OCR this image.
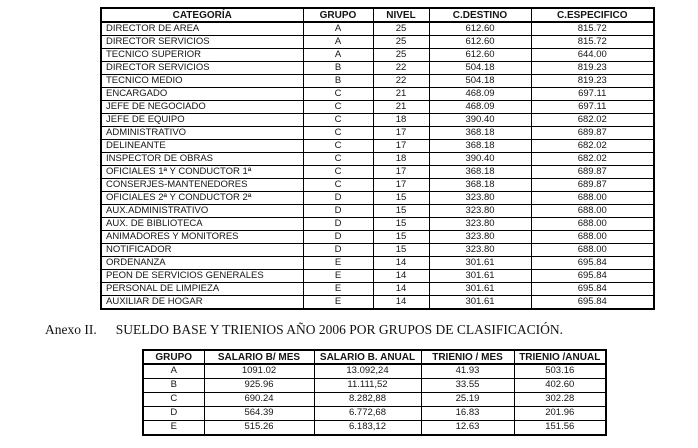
CATEGORÍA	GRUPO	NIVEL	C.DESTINO	C.ESPECIFICO
DIRECTOR DE AREA	A	25	612.60	815.72
DIRECTOR SERVICIOS	A	25	612.60	815.72
TECNICO SUPERIOR	A	25	612.60	644.00
DIRECTOR SERVICIOS	B	22	504.18	819.23
TECNICO MEDIO	B	22	504.18	819.23
ENCARGADO	C	21	468.09	697.11
JEFE DE NEGOCIADO	C	21	468.09	697.11
JEFE DE EQUIPO	C	18	390.40	682.02
ADMINISTRATIVO	C	17	368.18	689.87
DELINEANTE	C	17	368.18	682.02
INSPECTOR DE OBRAS	C	18	390.40	682.02
OFICIALES 1ª Y CONDUCTOR 1ª	C	17	368.18	689.87
CONSERJES-MANTENEDORES	C	17	368.18	689.87
OFICIALES 2ª Y CONDUCTOR 2ª	D	15	323.80	688.00
AUX.ADMINISTRATIVO	D	15	323.80	688.00
AUX. DE BIBLIOTECA	D	15	323.80	688.00
ANIMADORES Y MONITORES	D	15	323.80	688.00
NOTIFICADOR	D	15	323.80	688.00
ORDENANZA	E	14	301.61	695.84
PEON DE SERVICIOS GENERALES	E	14	301.61	695.84
PERSONAL DE LIMPIEZA	E	14	301.61	695.84
AUXILIAR DE HOGAR	E	14	301.61	695.84

Anexo II. SUELDO BASE Y TRIENIOS AÑO 2006 POR GRUPOS DE CLASIFICACIÓN.

GRUPO	SALARIO B/ MES	SALARIO B. ANUAL	TRIENIO / MES	TRIENIO /ANUAL
A	1091.02	13.092,24	41.93	503.16
B	925.96	11.111,52	33.55	402.60
C	690.24	8.282,88	25.19	302.28
D	564.39	6.772,68	16.83	201.96
E	515.26	6.183,12	12.63	151.56
